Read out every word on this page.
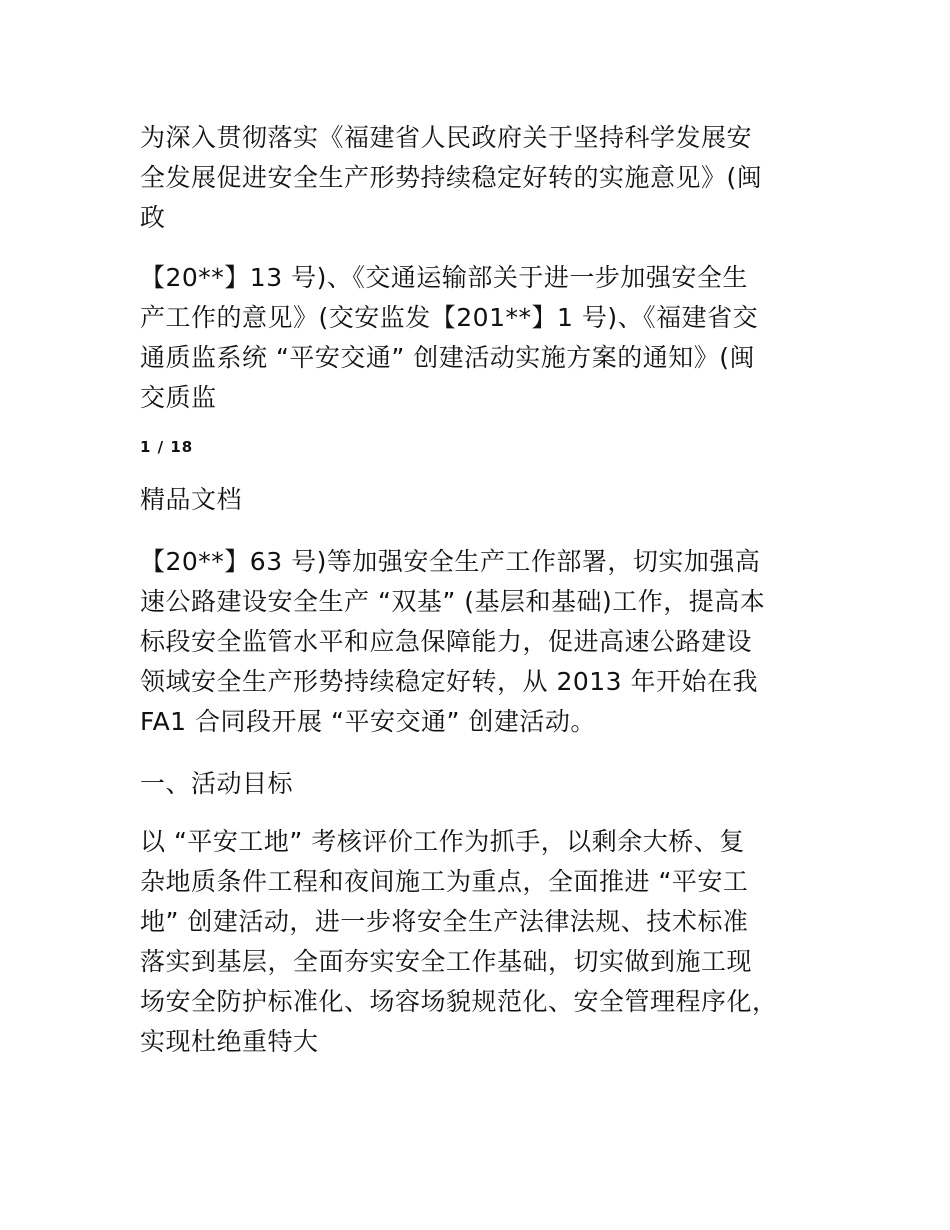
为深入贯彻落实《福建省人民政府关于坚持科学发展安
全发展促进安全生产形势持续稳定好转的实施意见》(闽
政

【20**】13 号)、《交通运输部关于进一步加强安全生
产工作的意见》(交安监发【201**】1 号)、《福建省交
通质监系统 “平安交通” 创建活动实施方案的通知》(闽
交质监

1 / 18

精品文档

【20**】63 号)等加强安全生产工作部署，切实加强高
速公路建设安全生产 “双基” (基层和基础)工作，提高本
标段安全监管水平和应急保障能力，促进高速公路建设
领域安全生产形势持续稳定好转，从 2013 年开始在我
FA1 合同段开展 “平安交通” 创建活动。

一、活动目标

以 “平安工地” 考核评价工作为抓手，以剩余大桥、复
杂地质条件工程和夜间施工为重点，全面推进 “平安工
地” 创建活动，进一步将安全生产法律法规、技术标准
落实到基层，全面夯实安全工作基础，切实做到施工现
场安全防护标准化、场容场貌规范化、安全管理程序化，
实现杜绝重特大
